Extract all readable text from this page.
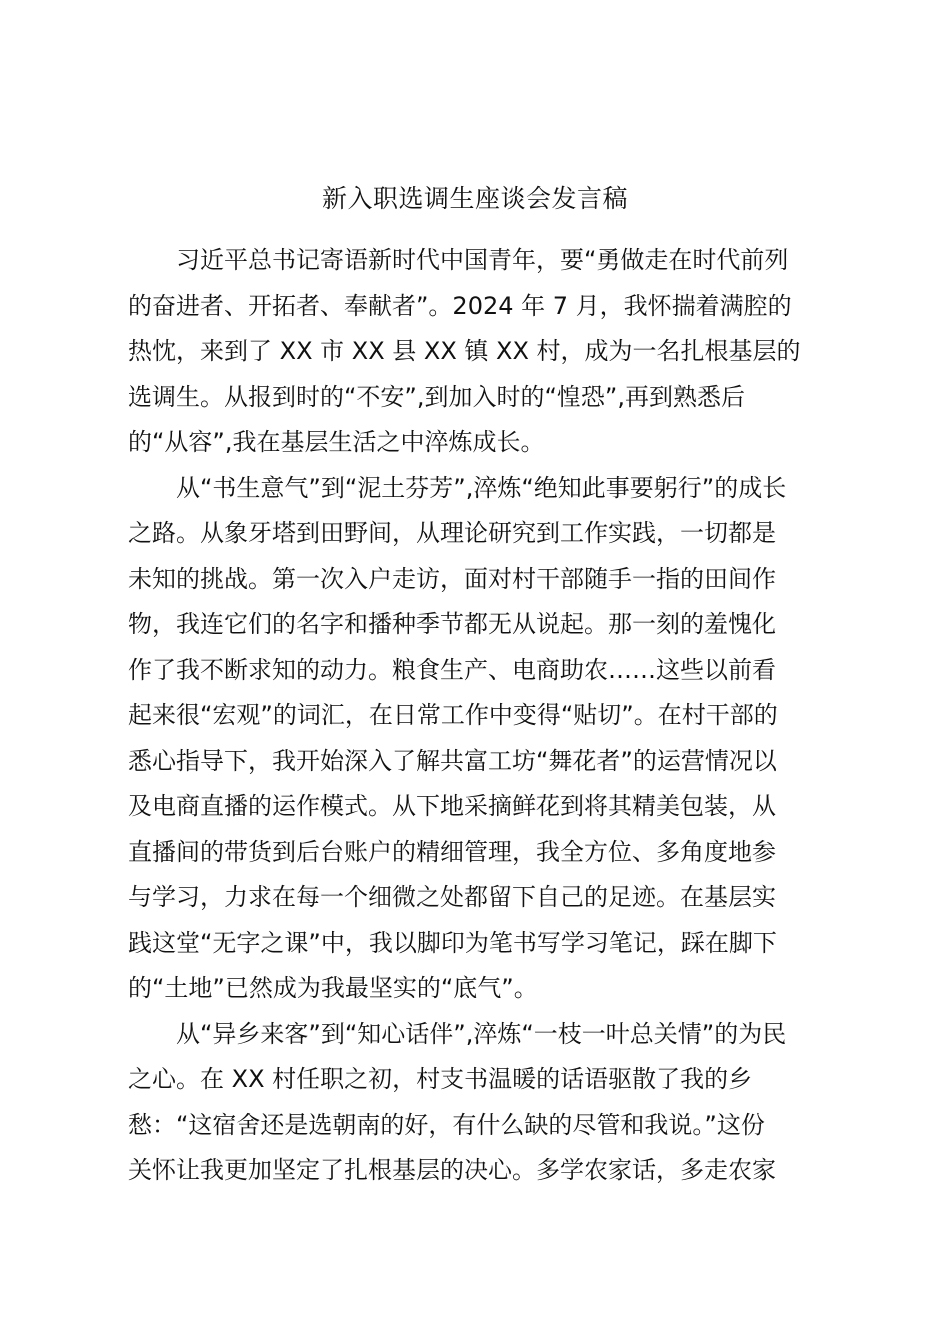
新入职选调生座谈会发言稿
习近平总书记寄语新时代中国青年，要“勇做走在时代前列
的奋进者、开拓者、奉献者”。2024 年 7 月，我怀揣着满腔的
热忱，来到了 XX 市 XX 县 XX 镇 XX 村，成为一名扎根基层的
选调生。从报到时的“不安”,到加入时的“惶恐”,再到熟悉后
的“从容”,我在基层生活之中淬炼成长。
从“书生意气”到“泥土芬芳”,淬炼“绝知此事要躬行”的成长
之路。从象牙塔到田野间，从理论研究到工作实践，一切都是
未知的挑战。第一次入户走访，面对村干部随手一指的田间作
物，我连它们的名字和播种季节都无从说起。那一刻的羞愧化
作了我不断求知的动力。粮食生产、电商助农……这些以前看
起来很“宏观”的词汇，在日常工作中变得“贴切”。在村干部的
悉心指导下，我开始深入了解共富工坊“舞花者”的运营情况以
及电商直播的运作模式。从下地采摘鲜花到将其精美包装，从
直播间的带货到后台账户的精细管理，我全方位、多角度地参
与学习，力求在每一个细微之处都留下自己的足迹。在基层实
践这堂“无字之课”中，我以脚印为笔书写学习笔记，踩在脚下
的“土地”已然成为我最坚实的“底气”。
从“异乡来客”到“知心话伴”,淬炼“一枝一叶总关情”的为民
之心。在 XX 村任职之初，村支书温暖的话语驱散了我的乡
愁：“这宿舍还是选朝南的好，有什么缺的尽管和我说。”这份
关怀让我更加坚定了扎根基层的决心。多学农家话，多走农家
